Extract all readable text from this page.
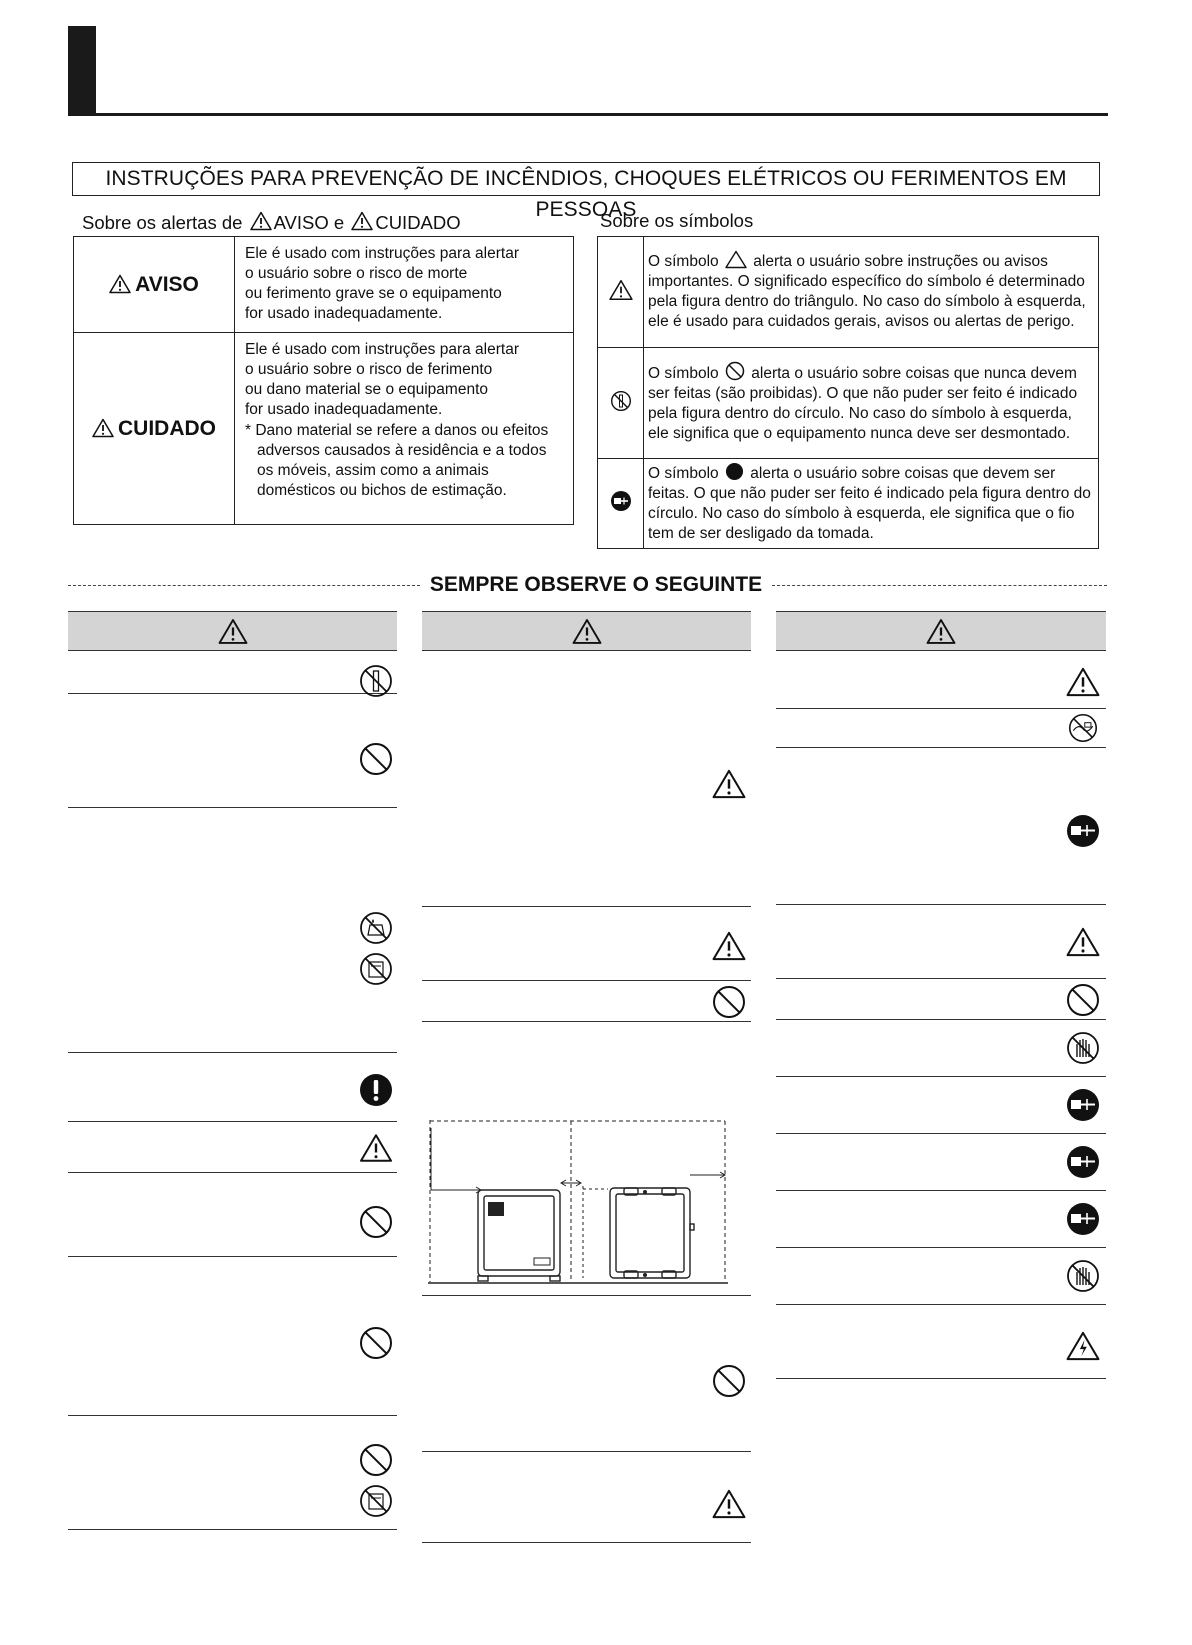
INSTRUÇÕES PARA PREVENÇÃO DE INCÊNDIOS, CHOQUES ELÉTRICOS OU FERIMENTOS EM PESSOAS
Sobre os alertas de AVISO e CUIDADO
AVISO	Ele é usado com instruções para alertar
o usuário sobre o risco de morte
ou ferimento grave se o equipamento
for usado inadequadamente.

CUIDADO	Ele é usado com instruções para alertar
o usuário sobre o risco de ferimento
ou dano material se o equipamento
for usado inadequadamente.
* Dano material se refere a danos ou efeitos adversos causados à residência e a todos os móveis, assim como a animais domésticos ou bichos de estimação.
Sobre os símbolos
	O símbolo alerta o usuário sobre instruções ou avisos importantes. O significado específico do símbolo é determinado pela figura dentro do triângulo. No caso do símbolo à esquerda, ele é usado para cuidados gerais, avisos ou alertas de perigo.
	O símbolo alerta o usuário sobre coisas que nunca devem ser feitas (são proibidas). O que não puder ser feito é indicado pela figura dentro do círculo. No caso do símbolo à esquerda, ele significa que o equipamento nunca deve ser desmontado.
	O símbolo alerta o usuário sobre coisas que devem ser feitas. O que não puder ser feito é indicado pela figura dentro do círculo. No caso do símbolo à esquerda, ele significa que o fio tem de ser desligado da tomada.
SEMPRE OBSERVE O SEGUINTE
